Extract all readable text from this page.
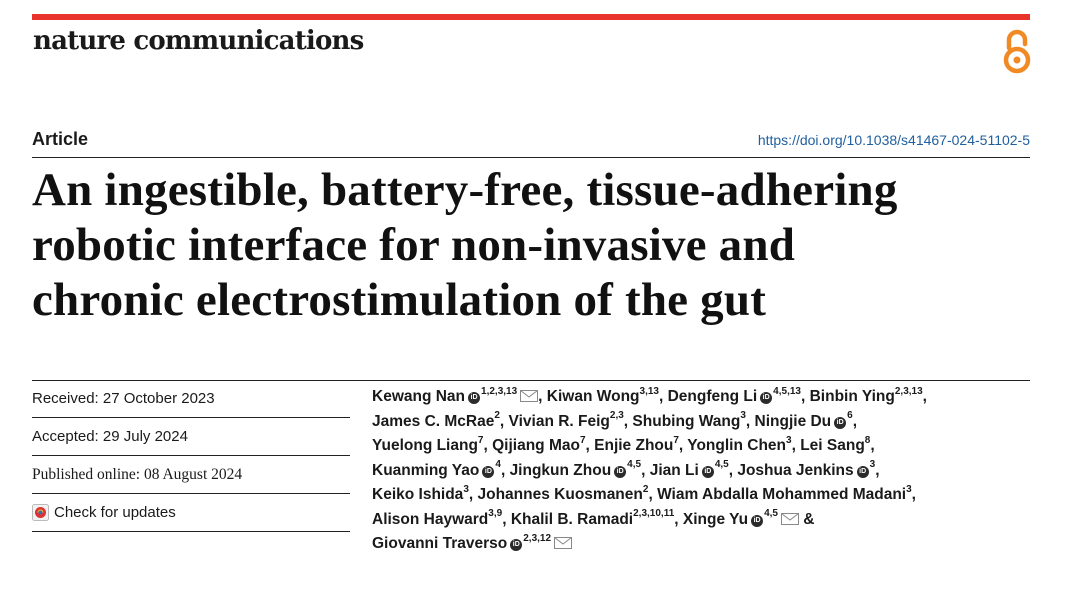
nature communications
Article	https://doi.org/10.1038/s41467-024-51102-5
An ingestible, battery-free, tissue-adhering
robotic interface for non-invasive and
chronic electrostimulation of the gut
Received: 27 October 2023
Accepted: 29 July 2024
Published online: 08 August 2024
Check for updates
Kewang Nan iD$^{1,2,3,13}$ , Kiwan Wong$^{3,13}$, Dengfeng Li iD$^{4,5,13}$, Binbin Ying$^{2,3,13}$,
James C. McRae$^2$, Vivian R. Feig$^{2,3}$, Shubing Wang$^3$, Ningjie Du $iD^6$,
Yuelong Liang$^7$, Qijiang Mao$^7$, Enjie Zhou$^7$, Yonglin Chen$^3$, Lei Sang$^8$,
Kuanming Yao $iD^4$, Jingkun Zhou iD$^{4,5}$, Jian Li iD$^{4,5}$, Joshua Jenkins $iD^3$,
Keiko Ishida$^3$, Johannes Kuosmanen$^2$, Wiam Abdalla Mohammed Madani$^3$,
Alison Hayward$^{3,9}$, Khalil B. Ramadi$^{2,3,10,11}$, Xinge Yu iD$^{4,5}$ &
Giovanni Traverso iD$^{2,3,12}$
